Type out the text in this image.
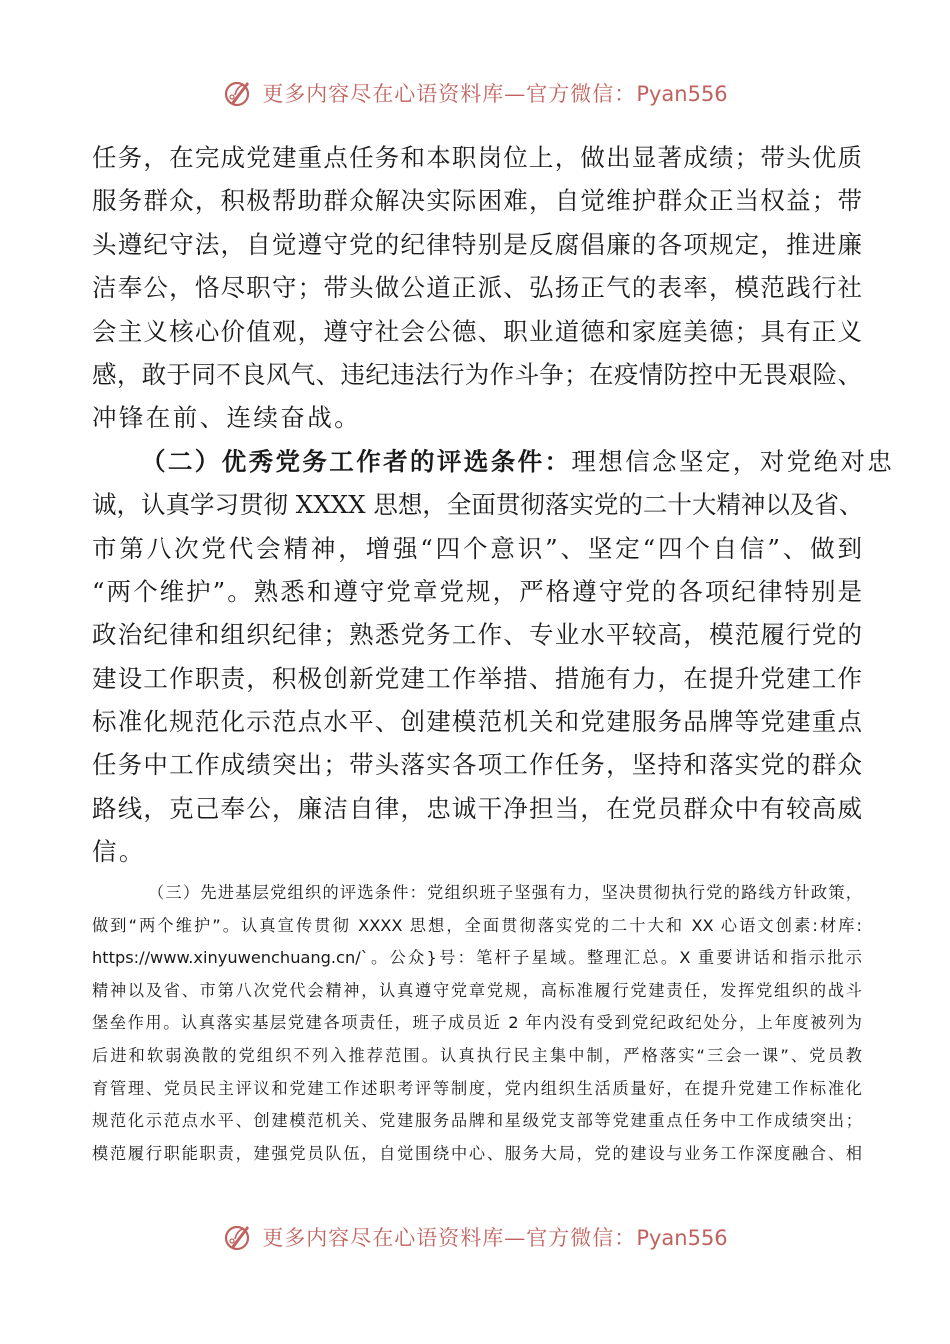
更多内容尽在心语资料库—官方微信：Pyan556
任务，在完成党建重点任务和本职岗位上，做出显著成绩；带头优质
服务群众，积极帮助群众解决实际困难，自觉维护群众正当权益；带
头遵纪守法，自觉遵守党的纪律特别是反腐倡廉的各项规定，推进廉
洁奉公，恪尽职守；带头做公道正派、弘扬正气的表率，模范践行社
会主义核心价值观，遵守社会公德、职业道德和家庭美德；具有正义
感，敢于同不良风气、违纪违法行为作斗争；在疫情防控中无畏艰险、
冲锋在前、连续奋战。
（二）优秀党务工作者的评选条件：理想信念坚定，对党绝对忠
诚，认真学习贯彻 XXXX 思想，全面贯彻落实党的二十大精神以及省、
市第八次党代会精神，增强“四个意识”、坚定“四个自信”、做到
“两个维护”。熟悉和遵守党章党规，严格遵守党的各项纪律特别是
政治纪律和组织纪律；熟悉党务工作、专业水平较高，模范履行党的
建设工作职责，积极创新党建工作举措、措施有力，在提升党建工作
标准化规范化示范点水平、创建模范机关和党建服务品牌等党建重点
任务中工作成绩突出；带头落实各项工作任务，坚持和落实党的群众
路线，克己奉公，廉洁自律，忠诚干净担当，在党员群众中有较高威
信。
（三）先进基层党组织的评选条件：党组织班子坚强有力，坚决贯彻执行党的路线方针政策，
做到“两个维护”。认真宣传贯彻 XXXX 思想，全面贯彻落实党的二十大和 XX 心语文创素:材库:
https://www.xinyuwenchuang.cn/`。公众}号：笔杆子星域。整理汇总。X 重要讲话和指示批示
精神以及省、市第八次党代会精神，认真遵守党章党规，高标准履行党建责任，发挥党组织的战斗
堡垒作用。认真落实基层党建各项责任，班子成员近 2 年内没有受到党纪政纪处分，上年度被列为
后进和软弱涣散的党组织不列入推荐范围。认真执行民主集中制，严格落实“三会一课”、党员教
育管理、党员民主评议和党建工作述职考评等制度，党内组织生活质量好，在提升党建工作标准化
规范化示范点水平、创建模范机关、党建服务品牌和星级党支部等党建重点任务中工作成绩突出；
模范履行职能职责，建强党员队伍，自觉围绕中心、服务大局，党的建设与业务工作深度融合、相
更多内容尽在心语资料库—官方微信：Pyan556
